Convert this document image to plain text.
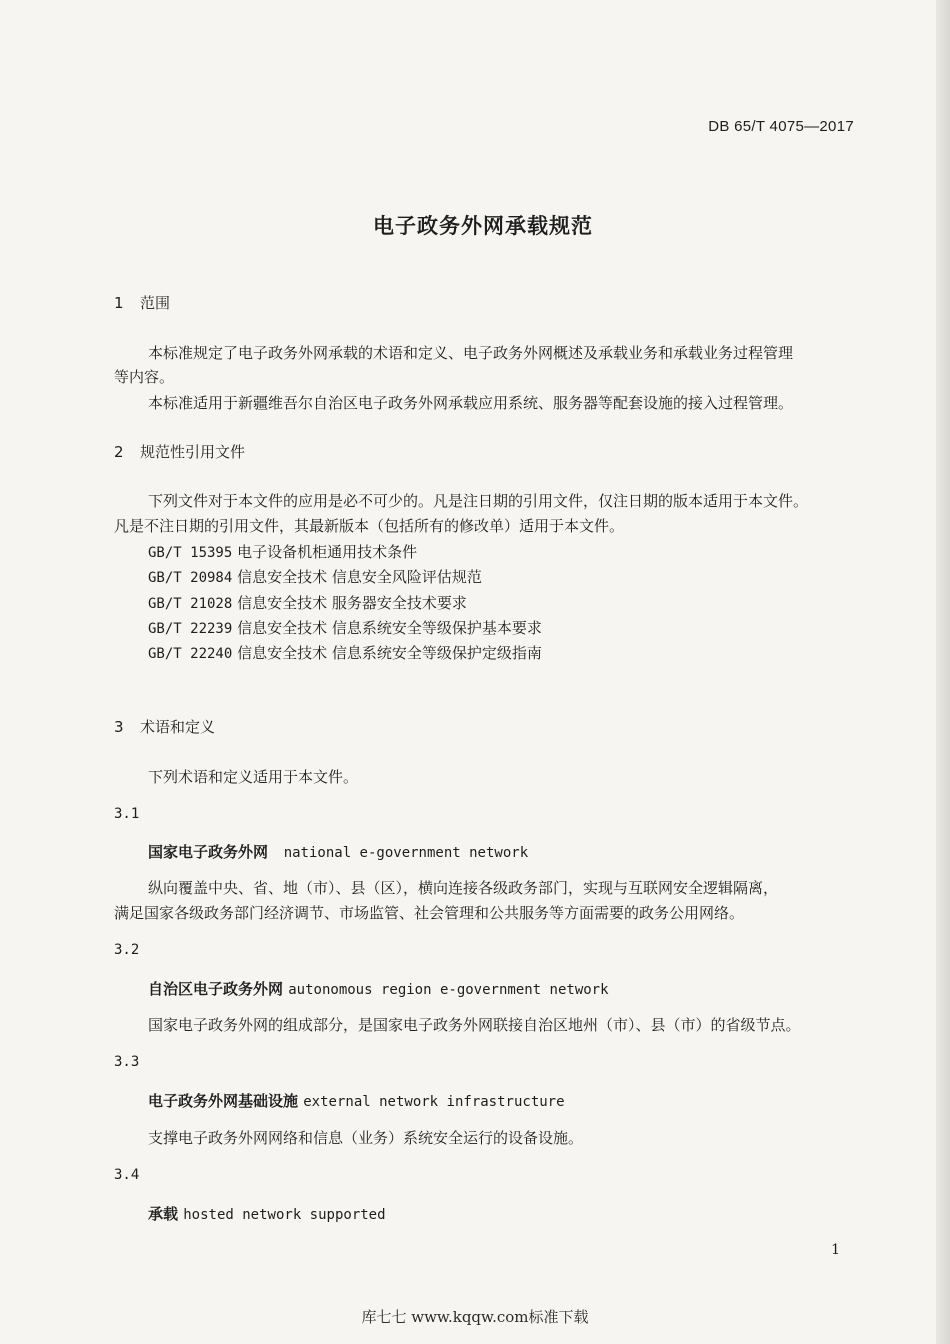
DB 65/T 4075—2017
电子政务外网承载规范
1 范围
本标准规定了电子政务外网承载的术语和定义、电子政务外网概述及承载业务和承载业务过程管理
等内容。
本标准适用于新疆维吾尔自治区电子政务外网承载应用系统、服务器等配套设施的接入过程管理。
2 规范性引用文件
下列文件对于本文件的应用是必不可少的。凡是注日期的引用文件，仅注日期的版本适用于本文件。
凡是不注日期的引用文件，其最新版本（包括所有的修改单）适用于本文件。
GB/T 15395 电子设备机柜通用技术条件
GB/T 20984 信息安全技术 信息安全风险评估规范
GB/T 21028 信息安全技术 服务器安全技术要求
GB/T 22239 信息安全技术 信息系统安全等级保护基本要求
GB/T 22240 信息安全技术 信息系统安全等级保护定级指南
3 术语和定义
下列术语和定义适用于本文件。
3.1
国家电子政务外网 national e-government network
纵向覆盖中央、省、地（市）、县（区），横向连接各级政务部门，实现与互联网安全逻辑隔离，
满足国家各级政务部门经济调节、市场监管、社会管理和公共服务等方面需要的政务公用网络。
3.2
自治区电子政务外网 autonomous region e-government network
国家电子政务外网的组成部分，是国家电子政务外网联接自治区地州（市）、县（市）的省级节点。
3.3
电子政务外网基础设施 external network infrastructure
支撑电子政务外网网络和信息（业务）系统安全运行的设备设施。
3.4
承载 hosted network supported
1
库七七 www.kqqw.com标准下载
